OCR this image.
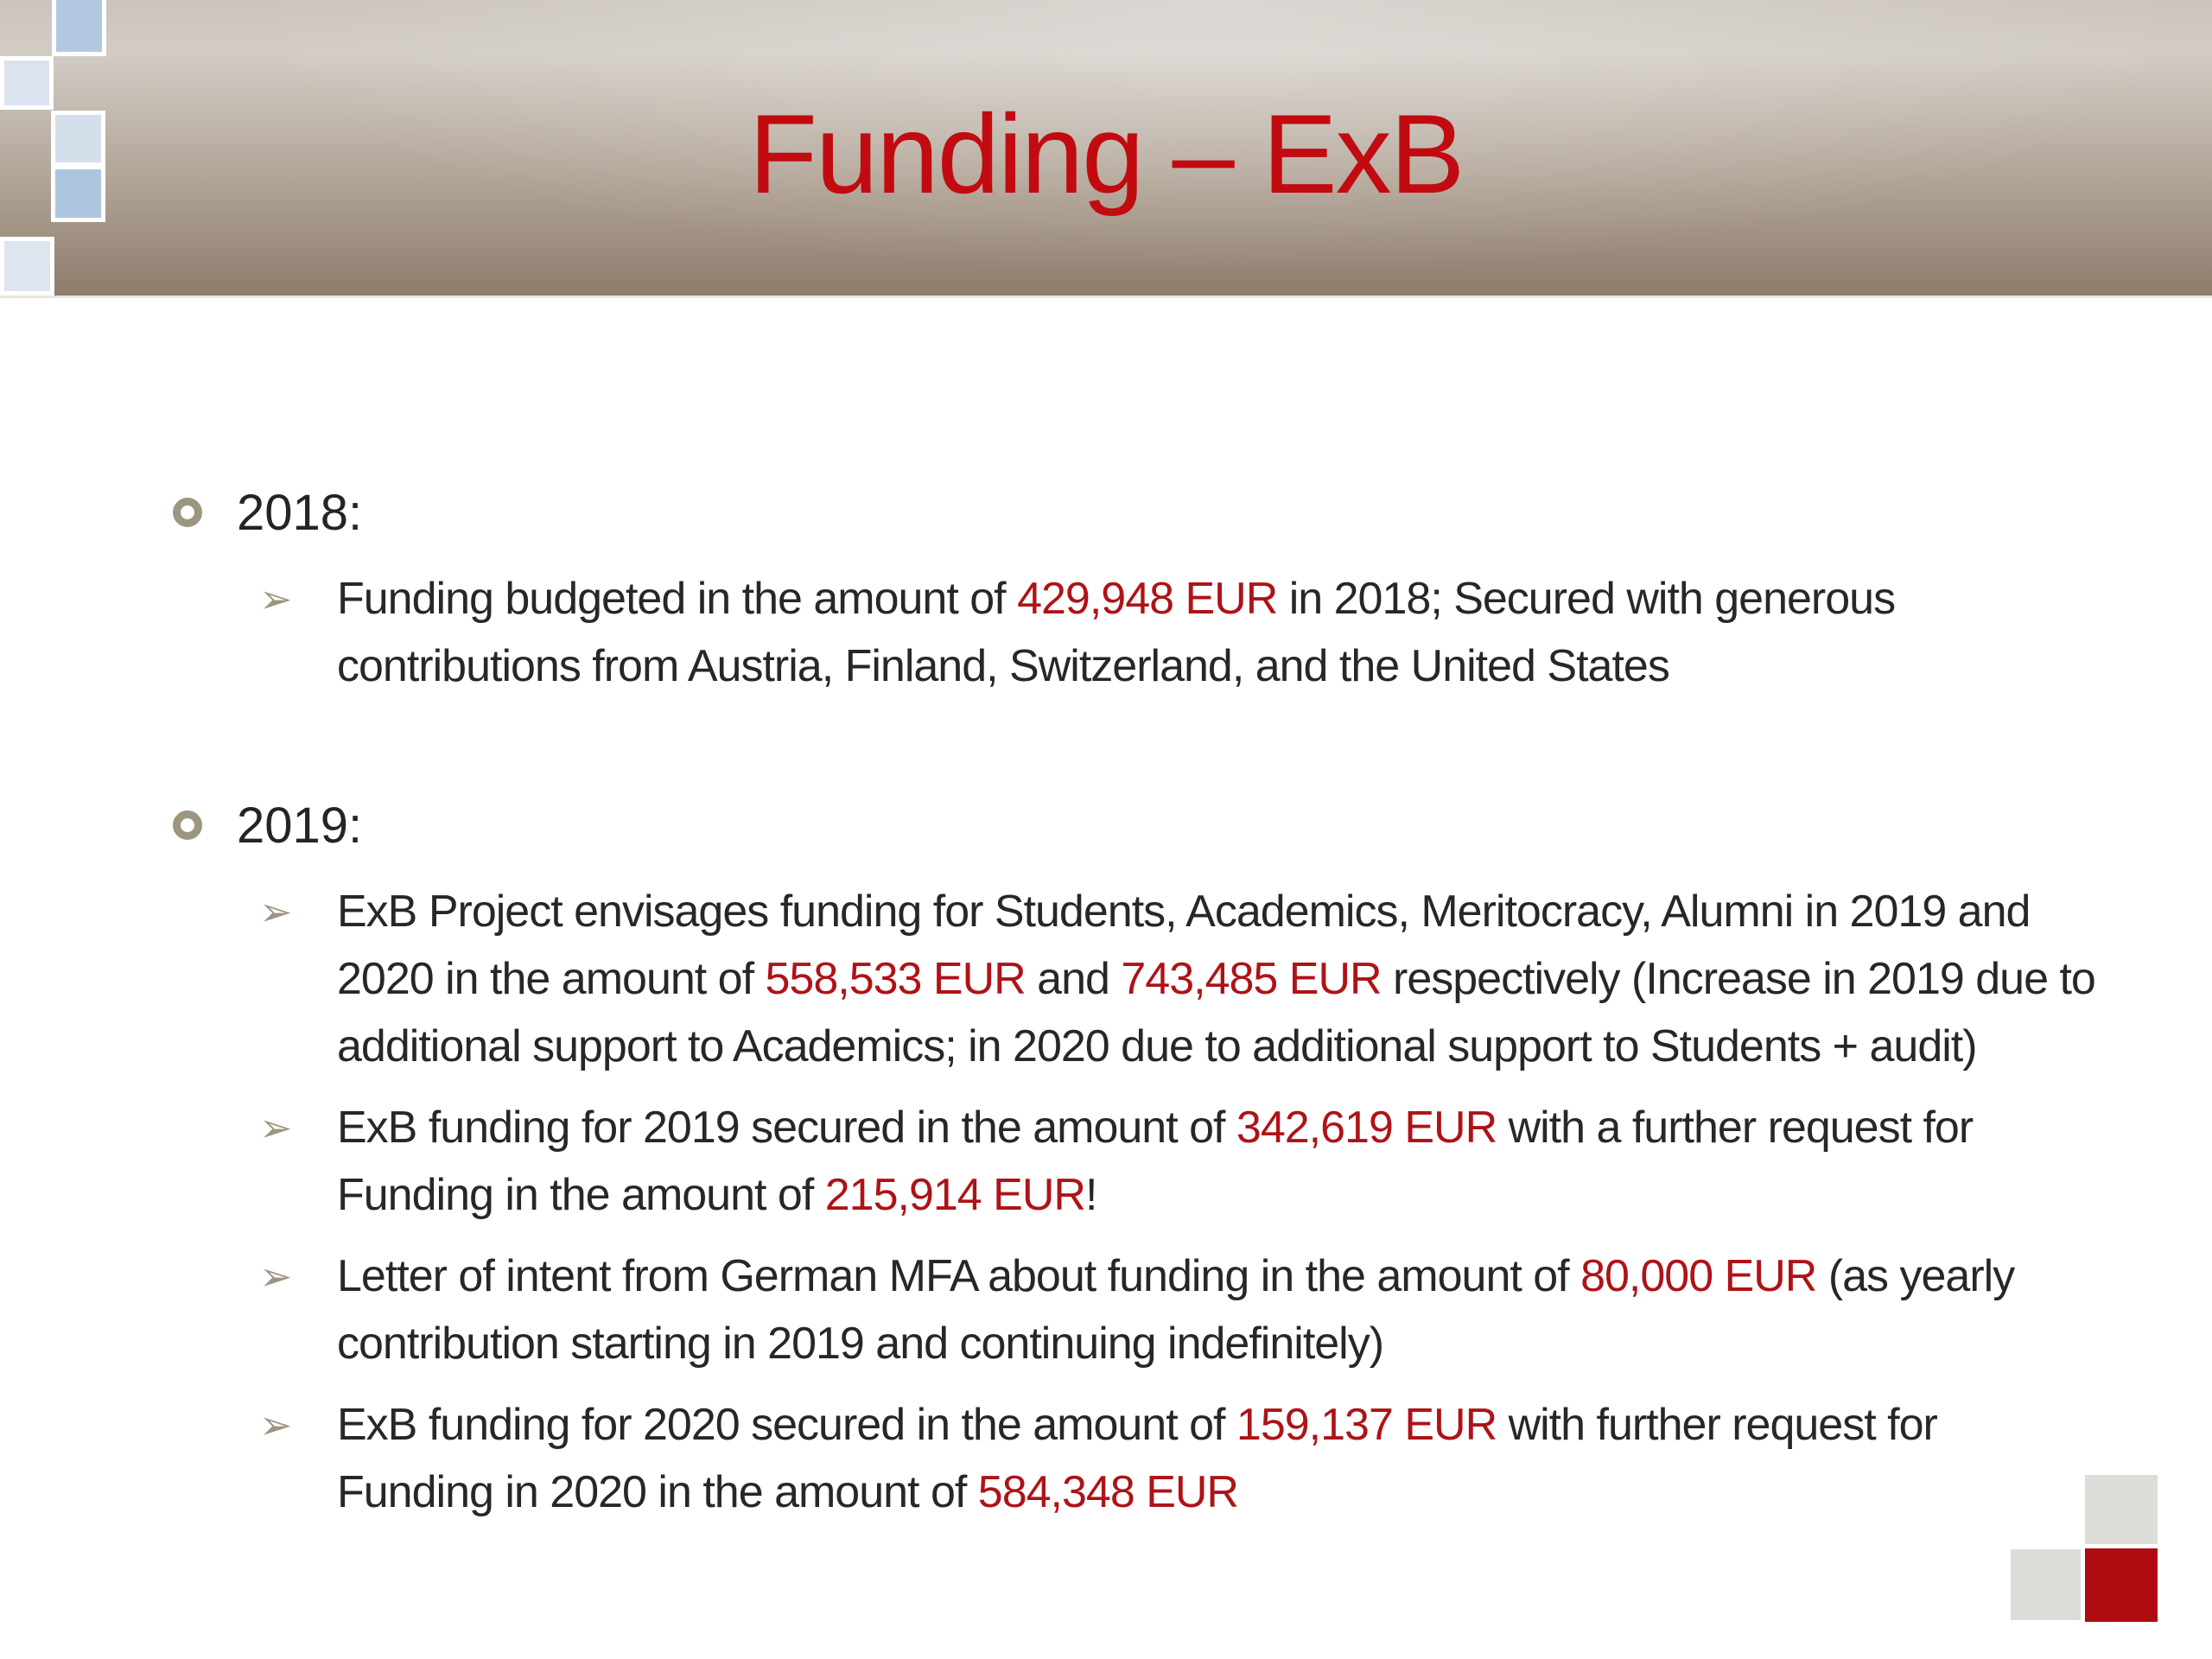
Funding – ExB
2018:
➢ Funding budgeted in the amount of 429,948 EUR in 2018; Secured with generous
contributions from Austria, Finland, Switzerland, and the United States
2019:
➢ ExB Project envisages funding for Students, Academics, Meritocracy, Alumni in 2019 and
2020 in the amount of 558,533 EUR and 743,485 EUR respectively (Increase in 2019 due to
additional support to Academics; in 2020 due to additional support to Students + audit)
➢ ExB funding for 2019 secured in the amount of 342,619 EUR with a further request for
Funding in the amount of 215,914 EUR!
➢ Letter of intent from German MFA about funding in the amount of 80,000 EUR (as yearly
contribution starting in 2019 and continuing indefinitely)
➢ ExB funding for 2020 secured in the amount of 159,137 EUR with further request for
Funding in 2020 in the amount of 584,348 EUR
